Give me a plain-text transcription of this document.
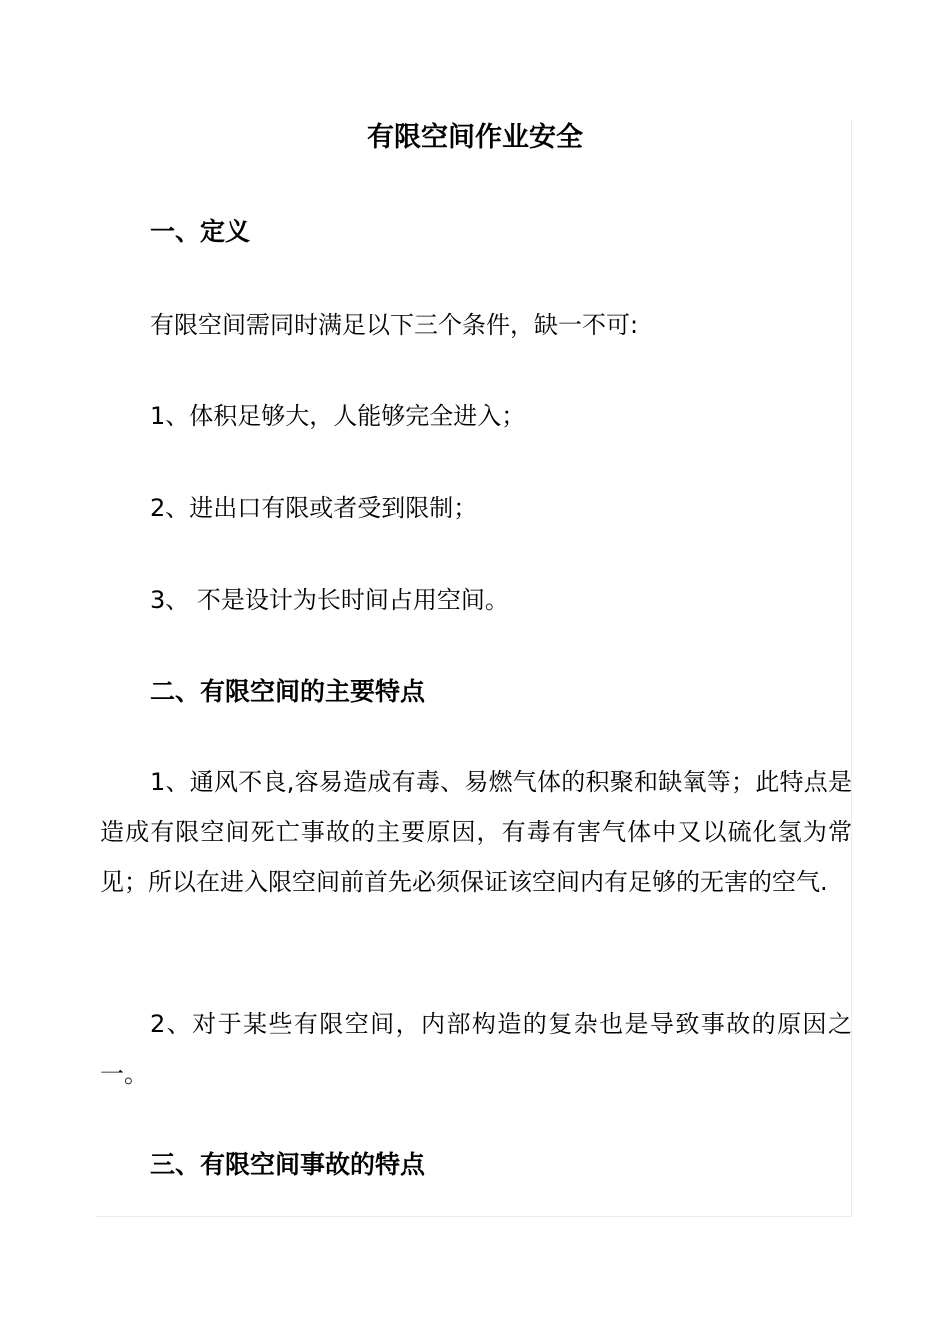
有限空间作业安全
一、定义
有限空间需同时满足以下三个条件，缺一不可:
1、体积足够大，人能够完全进入；
2、进出口有限或者受到限制；
3、 不是设计为长时间占用空间。
二、有限空间的主要特点

1、通风不良,容易造成有毒、易燃气体的积聚和缺氧等；此特点是造成有限空间死亡事故的主要原因，有毒有害气体中又以硫化氢为常见；所以在进入限空间前首先必须保证该空间内有足够的无害的空气.

2、对于某些有限空间，内部构造的复杂也是导致事故的原因之一。

三、有限空间事故的特点
